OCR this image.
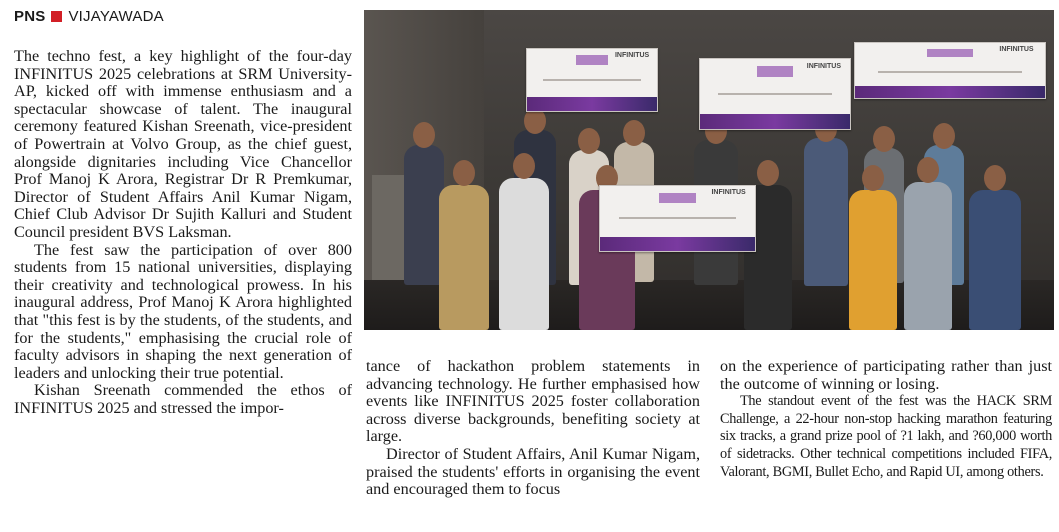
PNS VIJAYAWADA

The techno fest, a key highlight of the four-day INFINITUS 2025 celebrations at SRM University-AP, kicked off with immense enthusiasm and a spectacular showcase of talent. The inaugural ceremony featured Kishan Sreenath, vice-president of Powertrain at Volvo Group, as the chief guest, alongside dignitaries including Vice Chancellor Prof Manoj K Arora, Registrar Dr R Premkumar, Director of Student Affairs Anil Kumar Nigam, Chief Club Advisor Dr Sujith Kalluri and Student Council president BVS Laksman.

The fest saw the participation of over 800 students from 15 national universities, displaying their creativity and technological prowess. In his inaugural address, Prof Manoj K Arora highlighted that "this fest is by the students, of the students, and for the students," emphasising the crucial role of faculty advisors in shaping the next generation of leaders and unlocking their true potential.

Kishan Sreenath commended the ethos of INFINITUS 2025 and stressed the impor-

INFINITUS
INFINITUS
INFINITUS
INFINITUS

tance of hackathon problem statements in advancing technology. He further emphasised how events like INFINITUS 2025 foster collaboration across diverse backgrounds, benefiting society at large.

Director of Student Affairs, Anil Kumar Nigam, praised the students' efforts in organising the event and encouraged them to focus

on the experience of participating rather than just the outcome of winning or losing.

The standout event of the fest was the HACK SRM Challenge, a 22-hour non-stop hacking marathon featuring six tracks, a grand prize pool of ?1 lakh, and ?60,000 worth of sidetracks. Other technical competitions included FIFA, Valorant, BGMI, Bullet Echo, and Rapid UI, among others.
